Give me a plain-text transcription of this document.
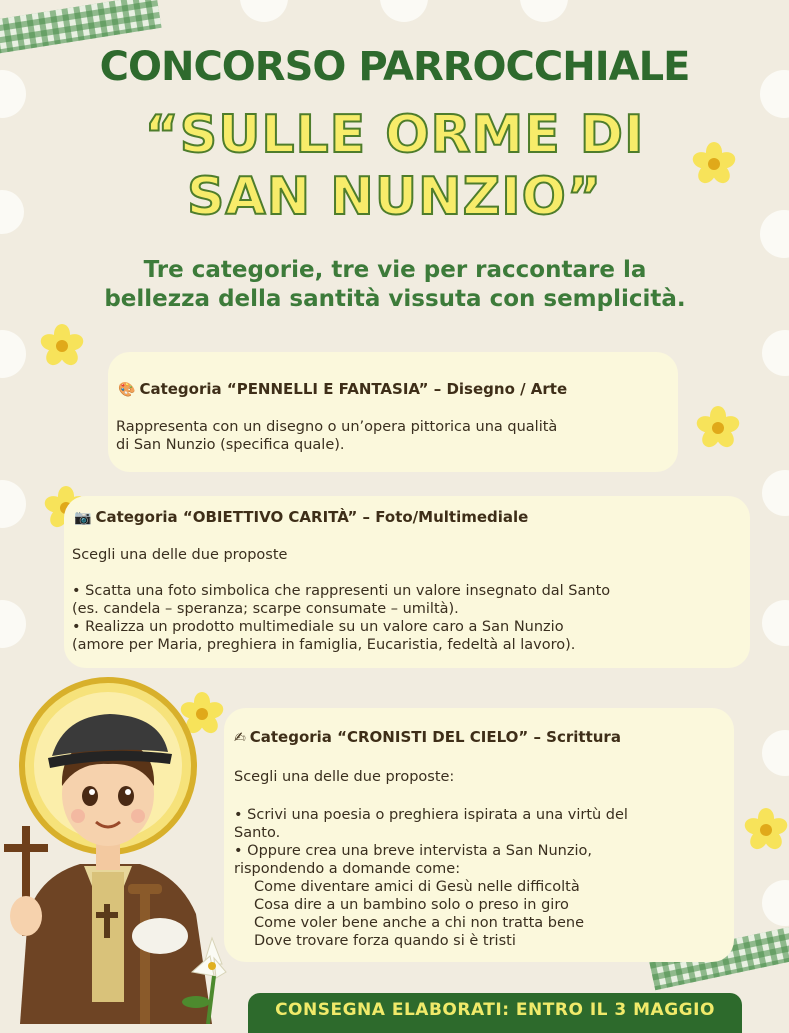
CONCORSO PARROCCHIALE
“SULLE ORME DI
SAN NUNZIO”
Tre categorie, tre vie per raccontare la
bellezza della santità vissuta con semplicità.
🎨 Categoria “PENNELLI E FANTASIA” – Disegno / Arte

Rappresenta con un disegno o un’opera pittorica una qualità
di San Nunzio (specifica quale).

📷 Categoria “OBIETTIVO CARITÀ” – Foto/Multimediale

Scegli una delle due proposte

• Scatta una foto simbolica che rappresenti un valore insegnato dal Santo
(es. candela – speranza; scarpe consumate – umiltà).
• Realizza un prodotto multimediale su un valore caro a San Nunzio
(amore per Maria, preghiera in famiglia, Eucaristia, fedeltà al lavoro).

✍ Categoria “CRONISTI DEL CIELO” – Scrittura

Scegli una delle due proposte:

• Scrivi una poesia o preghiera ispirata a una virtù del
Santo.
• Oppure crea una breve intervista a San Nunzio,
rispondendo a domande come:
Come diventare amici di Gesù nelle difficoltà
Cosa dire a un bambino solo o preso in giro
Come voler bene anche a chi non tratta bene
Dove trovare forza quando si è tristi

CONSEGNA ELABORATI: ENTRO IL 3 MAGGIO
